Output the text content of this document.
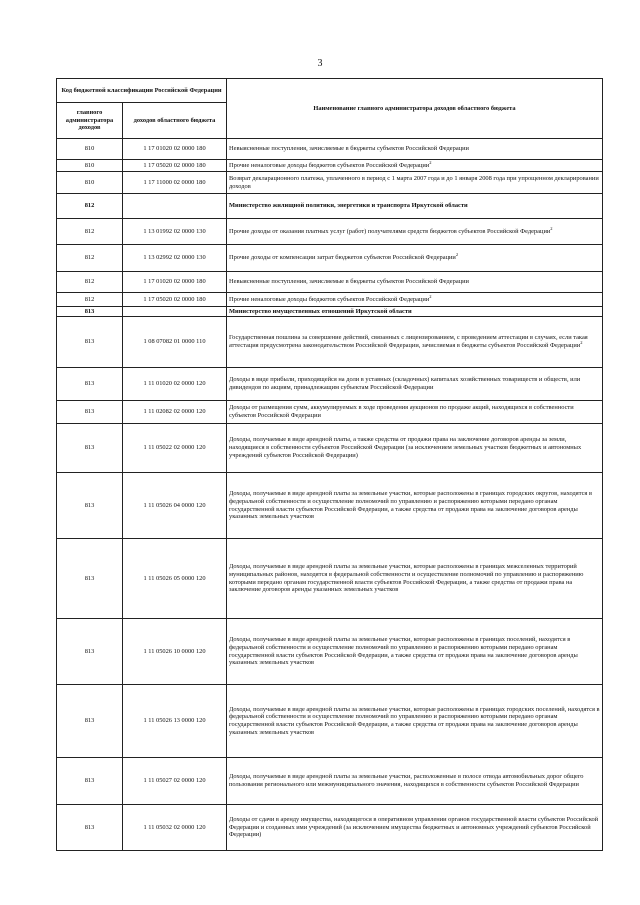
3
Код бюджетной классификации Российской Федерации		Наименование главного администратора доходов областного бюджета
главного администратора доходов	доходов областного бюджета	
810	1 17 01020 02 0000 180	Невыясненные поступления, зачисляемые в бюджеты субъектов Российской Федерации
810	1 17 05020 02 0000 180	Прочие неналоговые доходы бюджетов субъектов Российской Федерации$^2$
810	1 17 11000 02 0000 180	Возврат декларационного платежа, уплаченного в период с 1 марта 2007 года и до 1 января 2008 года при упрощенном декларировании доходов
812		Министерство жилищной политики, энергетики и транспорта Иркутской области
812	1 13 01992 02 0000 130	Прочие доходы от оказания платных услуг (работ) получателями средств бюджетов субъектов Российской Федерации$^2$
812	1 13 02992 02 0000 130	Прочие доходы от компенсации затрат бюджетов субъектов Российской Федерации$^2$
812	1 17 01020 02 0000 180	Невыясненные поступления, зачисляемые в бюджеты субъектов Российской Федерации
812	1 17 05020 02 0000 180	Прочие неналоговые доходы бюджетов субъектов Российской Федерации$^2$
813		Министерство имущественных отношений Иркутской области
813	1 08 07082 01 0000 110	Государственная пошлина за совершение действий, связанных с лицензированием, с проведением аттестации в случаях, если такая аттестация предусмотрена законодательством Российской Федерации, зачисляемая в бюджеты субъектов Российской Федерации$^2$
813	1 11 01020 02 0000 120	Доходы в виде прибыли, приходящейся на доли в уставных (складочных) капиталах хозяйственных товариществ и обществ, или дивидендов по акциям, принадлежащим субъектам Российской Федерации
813	1 11 02082 02 0000 120	Доходы от размещения сумм, аккумулируемых в ходе проведения аукционов по продаже акций, находящихся в собственности субъектов Российской Федерации
813	1 11 05022 02 0000 120	Доходы, получаемые в виде арендной платы, а также средства от продажи права на заключение договоров аренды за земли, находящиеся в собственности субъектов Российской Федерации (за исключением земельных участков бюджетных и автономных учреждений субъектов Российской Федерации)
813	1 11 05026 04 0000 120	Доходы, получаемые в виде арендной платы за земельные участки, которые расположены в границах городских округов, находятся в федеральной собственности и осуществление полномочий по управлению и распоряжению которыми передано органам государственной власти субъектов Российской Федерации, а также средства от продажи права на заключение договоров аренды указанных земельных участков
813	1 11 05026 05 0000 120	Доходы, получаемые в виде арендной платы за земельные участки, которые расположены в границах межселенных территорий муниципальных районов, находятся в федеральной собственности и осуществление полномочий по управлению и распоряжению которыми передано органам государственной власти субъектов Российской Федерации, а также средства от продажи права на заключение договоров аренды указанных земельных участков
813	1 11 05026 10 0000 120	Доходы, получаемые в виде арендной платы за земельные участки, которые расположены в границах поселений, находятся в федеральной собственности и осуществление полномочий по управлению и распоряжению которыми передано органам государственной власти субъектов Российской Федерации, а также средства от продажи права на заключение договоров аренды указанных земельных участков
813	1 11 05026 13 0000 120	Доходы, получаемые в виде арендной платы за земельные участки, которые расположены в границах городских поселений, находятся в федеральной собственности и осуществление полномочий по управлению и распоряжению которыми передано органам государственной власти субъектов Российской Федерации, а также средства от продажи права на заключение договоров аренды указанных земельных участков
813	1 11 05027 02 0000 120	Доходы, получаемые в виде арендной платы за земельные участки, расположенные в полосе отвода автомобильных дорог общего пользования регионального или межмуниципального значения, находящихся в собственности субъектов Российской Федерации
813	1 11 05032 02 0000 120	Доходы от сдачи в аренду имущества, находящегося в оперативном управлении органов государственной власти субъектов Российской Федерации и созданных ими учреждений (за исключением имущества бюджетных и автономных учреждений субъектов Российской Федерации)
